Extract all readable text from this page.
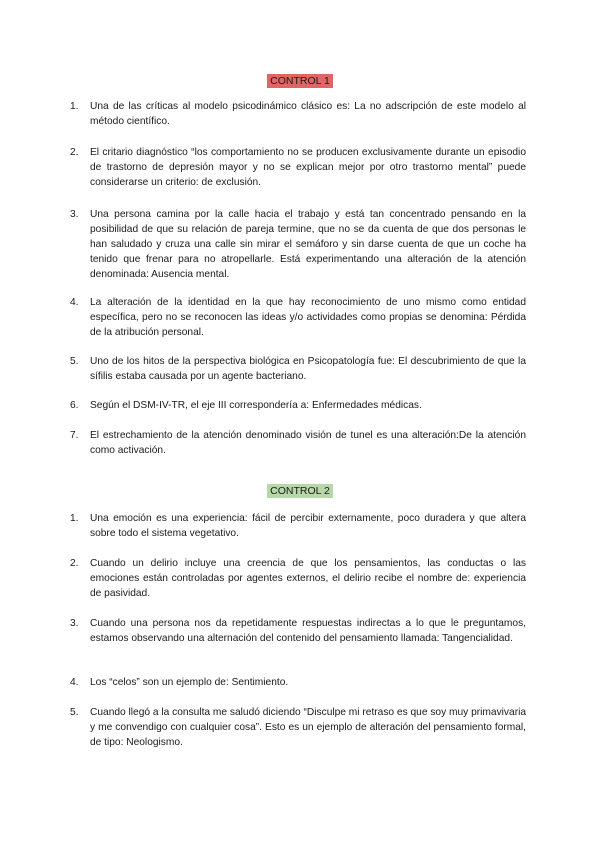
CONTROL 1
1. Una de las críticas al modelo psicodinámico clásico es: La no adscripción de este modelo al método científico.
2. El critario diagnóstico “los comportamiento no se producen exclusivamente durante un episodio de trastorno de depresión mayor y no se explican mejor por otro trastorno mental” puede considerarse un criterio: de exclusión.
3. Una persona camina por la calle hacia el trabajo y está tan concentrado pensando en la posibilidad de que su relación de pareja termine, que no se da cuenta de que dos personas le han saludado y cruza una calle sin mirar el semáforo y sin darse cuenta de que un coche ha tenido que frenar para no atropellarle. Está experimentando una alteración de la atención denominada: Ausencia mental.
4. La alteración de la identidad en la que hay reconocimiento de uno mismo como entidad específica, pero no se reconocen las ideas y/o actividades como propias se denomina: Pérdida de la atribución personal.
5. Uno de los hitos de la perspectiva biológica en Psicopatología fue: El descubrimiento de que la sífilis estaba causada por un agente bacteriano.
6. Según el DSM-IV-TR, el eje III correspondería a: Enfermedades médicas.
7. El estrechamiento de la atención denominado visión de tunel es una alteración:De la atención como activación.
CONTROL 2
1. Una emoción es una experiencia: fácil de percibir externamente, poco duradera y que altera sobre todo el sistema vegetativo.
2. Cuando un delirio incluye una creencia de que los pensamientos, las conductas o las emociones están controladas por agentes externos, el delirio recibe el nombre de: experiencia de pasividad.
3. Cuando una persona nos da repetidamente respuestas indirectas a lo que le preguntamos, estamos observando una alternación del contenido del pensamiento llamada: Tangencialidad.
4. Los “celos” son un ejemplo de: Sentimiento.
5. Cuando llegó a la consulta me saludó diciendo “Disculpe mi retraso es que soy muy primavivaria y me convendigo con cualquier cosa”. Esto es un ejemplo de alteración del pensamiento formal, de tipo: Neologismo.
